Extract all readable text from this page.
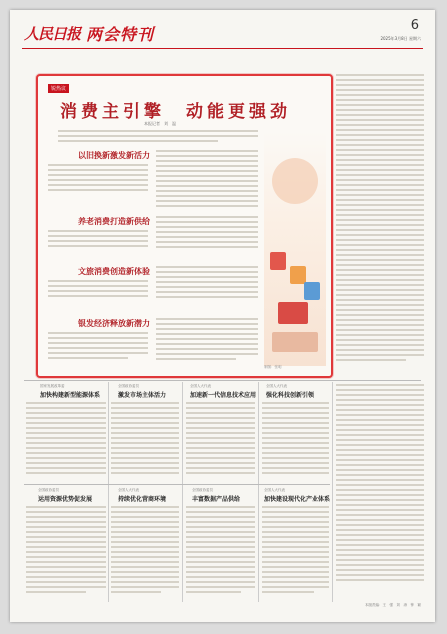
人民日报 两会特刊	6
2025年3月8日 星期六
锐热议
消费主引擎　动能更强劲
本报记者　刘　温
以旧换新激发新活力
养老消费打造新供给
文旅消费创造新体验
银发经济释放新潜力
制图：张明
国家发展改革委
加快构建新型能源体系
全国政协委员
激发市场主体活力
全国人大代表
加速新一代信息技术应用
全国人大代表
强化科技创新引领
全国政协委员
运用资源优势促发展
全国人大代表
持续优化营商环境
全国政协委员
丰富数据产品供给
全国人大代表
加快建设现代化产业体系
本版责编：王　强　刘　涛　钟　颖
